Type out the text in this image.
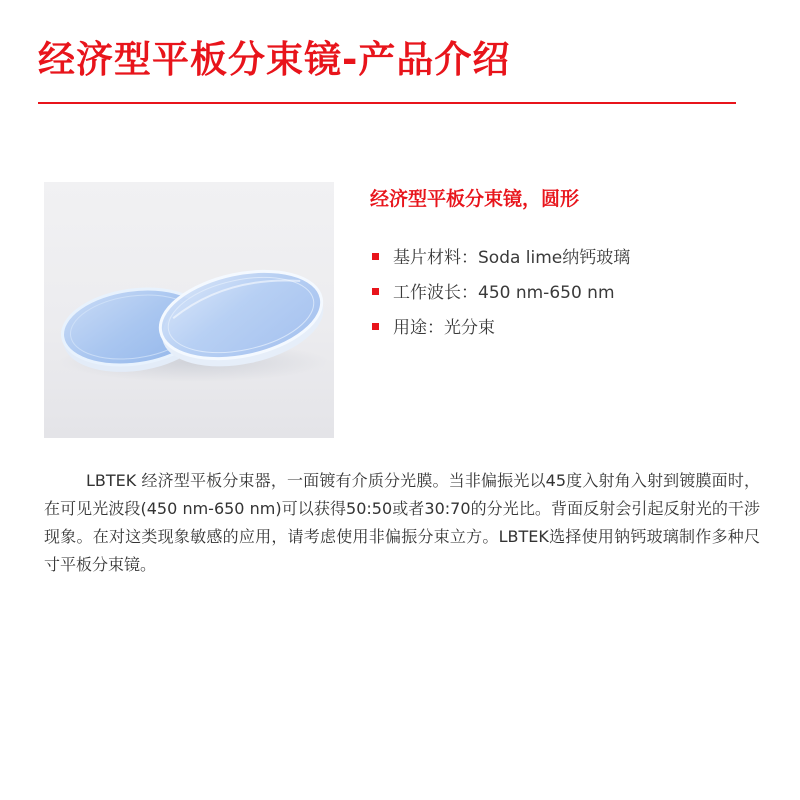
经济型平板分束镜-产品介绍
经济型平板分束镜，圆形
基片材料：Soda lime纳钙玻璃
工作波长：450 nm-650 nm
用途：光分束

LBTEK 经济型平板分束器，一面镀有介质分光膜。当非偏振光以45度入射角入射到镀膜面时，在可见光波段(450 nm-650 nm)可以获得50:50或者30:70的分光比。背面反射会引起反射光的干涉现象。在对这类现象敏感的应用，请考虑使用非偏振分束立方。LBTEK选择使用钠钙玻璃制作多种尺寸平板分束镜。
